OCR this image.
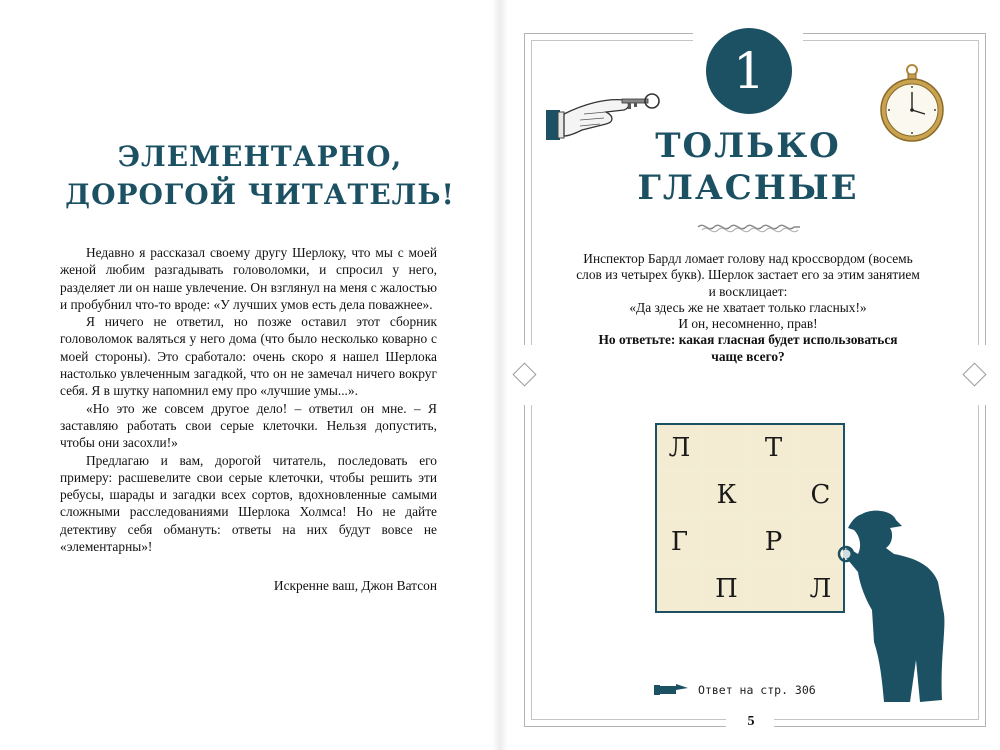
ЭЛЕМЕНТАРНО,
ДОРОГОЙ ЧИТАТЕЛЬ!

Недавно я рассказал своему другу Шерлоку, что мы с моей женой любим разгадывать головоломки, и спросил у него, разделяет ли он наше увлечение. Он взглянул на меня с жалостью и пробубнил что-то вроде: «У лучших умов есть дела поважнее».

Я ничего не ответил, но позже оставил этот сборник головоломок валяться у него дома (что было несколько коварно с моей стороны). Это сработало: очень скоро я нашел Шерлока настолько увлеченным загадкой, что он не замечал ничего вокруг себя. Я в шутку напомнил ему про «лучшие умы...».

«Но это же совсем другое дело! – ответил он мне. – Я заставляю работать свои серые клеточки. Нельзя допустить, чтобы они засохли!»

Предлагаю и вам, дорогой читатель, последовать его примеру: расшевелите свои серые клеточки, чтобы решить эти ребусы, шарады и загадки всех сортов, вдохновленные самыми сложными расследованиями Шерлока Холмса! Но не дайте детективу себя обмануть: ответы на них будут вовсе не «элементарны»!

Искренне ваш, Джон Ватсон
1
ТОЛЬКО
ГЛАСНЫЕ
Инспектор Бардл ломает голову над кроссвордом (восемь
слов из четырех букв). Шерлок застает его за этим занятием
и восклицает:
«Да здесь же не хватает только гласных!»
И он, несомненно, прав!
Но ответьте: какая гласная будет использоваться
чаще всего?
Л	Т
К	С
Г	Р
П	Л
Ответ на стр. 306
5
